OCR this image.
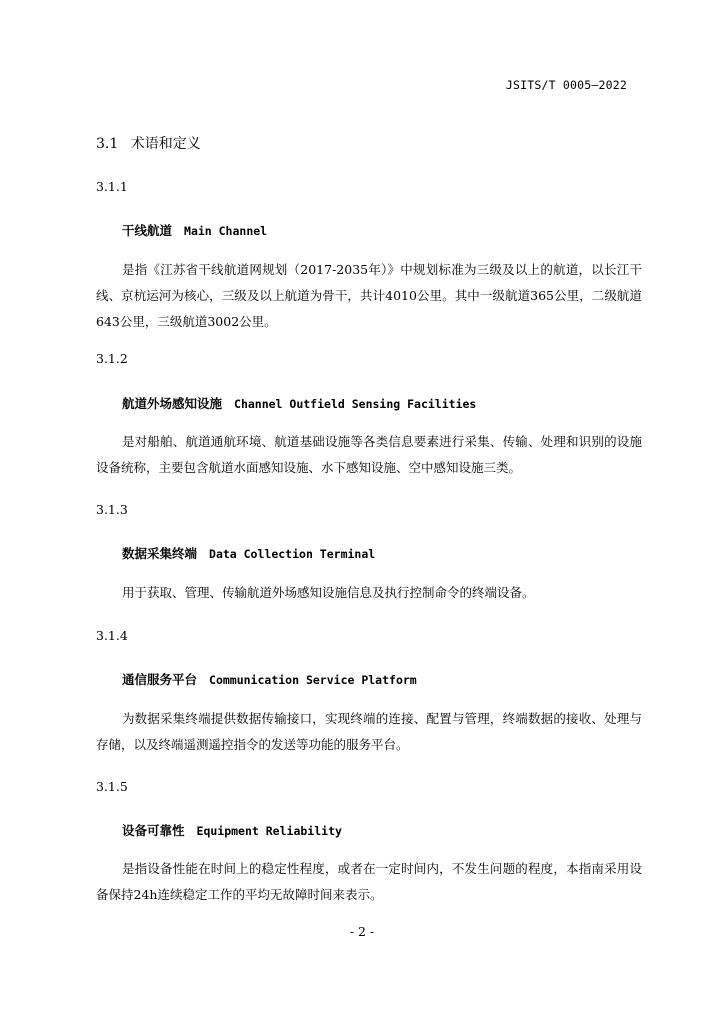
JSITS/T 0005—2022
3.1 术语和定义
3.1.1
干线航道 Main Channel
是指《江苏省干线航道网规划（2017-2035年）》中规划标准为三级及以上的航道，以长江干线、京杭运河为核心，三级及以上航道为骨干，共计4010公里。其中一级航道365公里，二级航道643公里，三级航道3002公里。
3.1.2
航道外场感知设施 Channel Outfield Sensing Facilities
是对船舶、航道通航环境、航道基础设施等各类信息要素进行采集、传输、处理和识别的设施设备统称，主要包含航道水面感知设施、水下感知设施、空中感知设施三类。
3.1.3
数据采集终端 Data Collection Terminal
用于获取、管理、传输航道外场感知设施信息及执行控制命令的终端设备。
3.1.4
通信服务平台 Communication Service Platform
为数据采集终端提供数据传输接口，实现终端的连接、配置与管理，终端数据的接收、处理与存储，以及终端遥测遥控指令的发送等功能的服务平台。
3.1.5
设备可靠性 Equipment Reliability
是指设备性能在时间上的稳定性程度，或者在一定时间内，不发生问题的程度，本指南采用设备保持24h连续稳定工作的平均无故障时间来表示。
- 2 -
